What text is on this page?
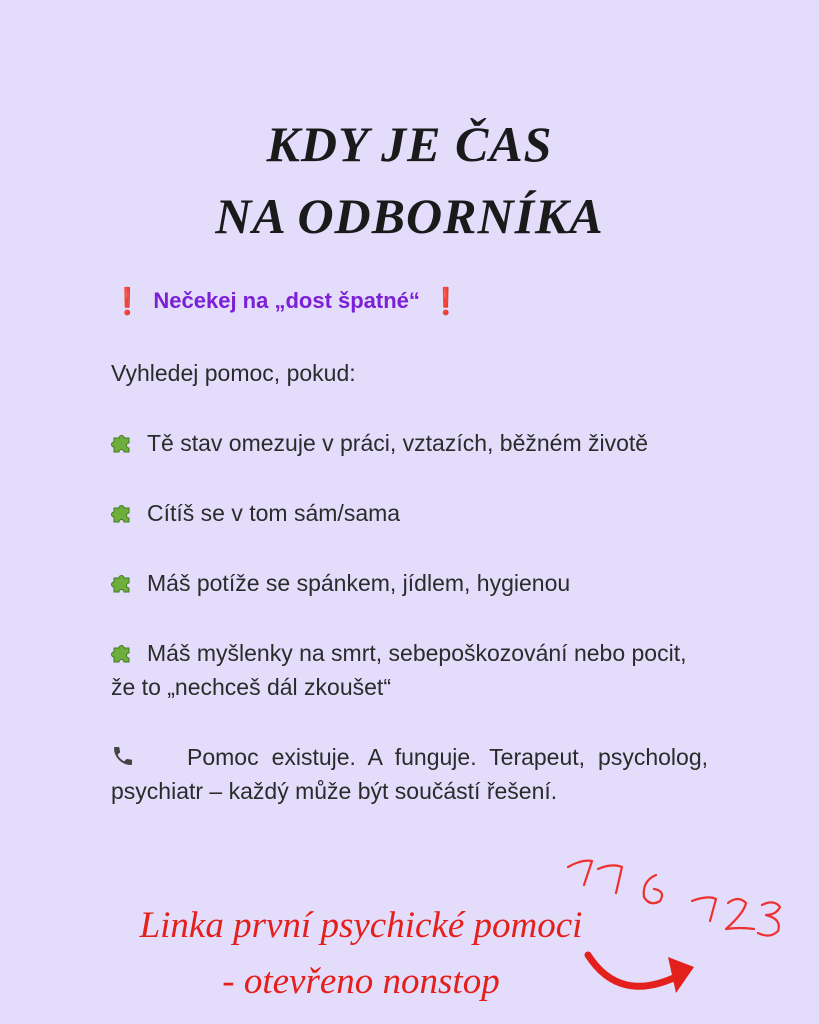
KDY JE ČAS
NA ODBORNÍKA
❗ Nečekej na „dost špatné“ ❗

Vyhledej pomoc, pokud:

Tě stav omezuje v práci, vztazích, běžném životě

Cítíš se v tom sám/sama

Máš potíže se spánkem, jídlem, hygienou

Máš myšlenky na smrt, sebepoškozování nebo pocit, že to „nechceš dál zkoušet“

Pomoc existuje. A funguje. Terapeut, psycholog, psychiatr – každý může být součástí řešení.

Linka první psychické pomoci
- otevřeno nonstop
